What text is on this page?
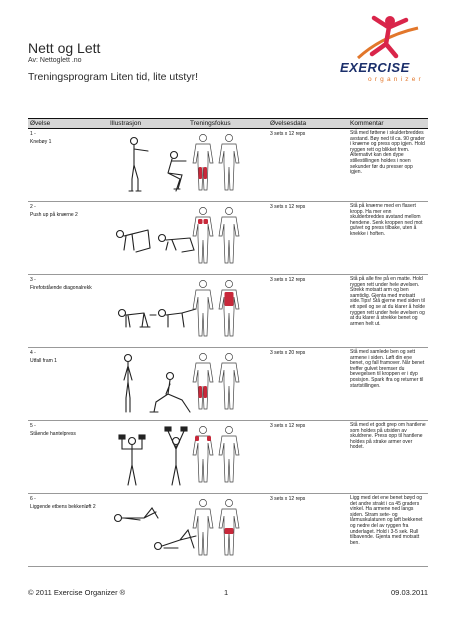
Nett og Lett
Av: Nettoglett .no
Treningsprogram Liten tid, lite utstyr!
EXERCISE
organizer
Øvelse	Illustrasjon	Treningsfokus	Øvelsesdata	Kommentar

1 -
Knebøy 1			3 sets x 12 reps	Stå med føttene i skulderbreddes avstand. Bøy ned til ca. 90 grader i knærne og press opp igjen. Hold ryggen rett og blikket frem. Alternativt kan den dype stillestillingen holdes i noen sekunder før du presser opp igjen.

2 -
Push up på knærne 2			3 sets x 12 reps	Stå på knærne med en flasert kropp. Ha mer enn skulderbreddes avstand mellom hendene. Senk kroppen ned mot gulvet og press tilbake, uten å knekke i hoften.

3 -
Firefotstående diagonalrekk			3 sets x 12 reps	Stå på alle fire på en matte. Hold ryggen rett under hele øvelsen. Strekk motsatt arm og ben samtidig. Gjenta med motsatt side.Tips! Stå gjerne med siden til ett speil og se at du klarer å holde ryggen rett under hele øvelsen og at du klarer å strekke benet og armen helt ut.

4 -
Utfall fram 1			3 sets x 20 reps	Stå med samlede ben og sett armene i siden. Løft din ene benet, og fall framover. Når benet treffer gulvet bremser du bevegelsen til kroppen er i dyp posisjon. Spark ifra og returner til startstillingen.

5 -
Stående hantelpress			3 sets x 12 reps	Stå med et godt grep om hantlene som holdes på utsiden av skuldrene. Press opp til hantlene holdes på strake armer over hodet.

6 -
Liggende etbens bekkenløft 2			3 sets x 12 reps	Ligg med det ene benet bøyd og det andre strakt i ca 45 graders vinkel. Ha armene ned langs siden. Stram sete- og lårmuskulaturen og løft bekkenet og nedre del av ryggen fra underlaget. Hold i 3-5 sek. Rull tilbavende. Gjenta med motsatt ben.
© 2011 Exercise Organizer ®	1	09.03.2011
